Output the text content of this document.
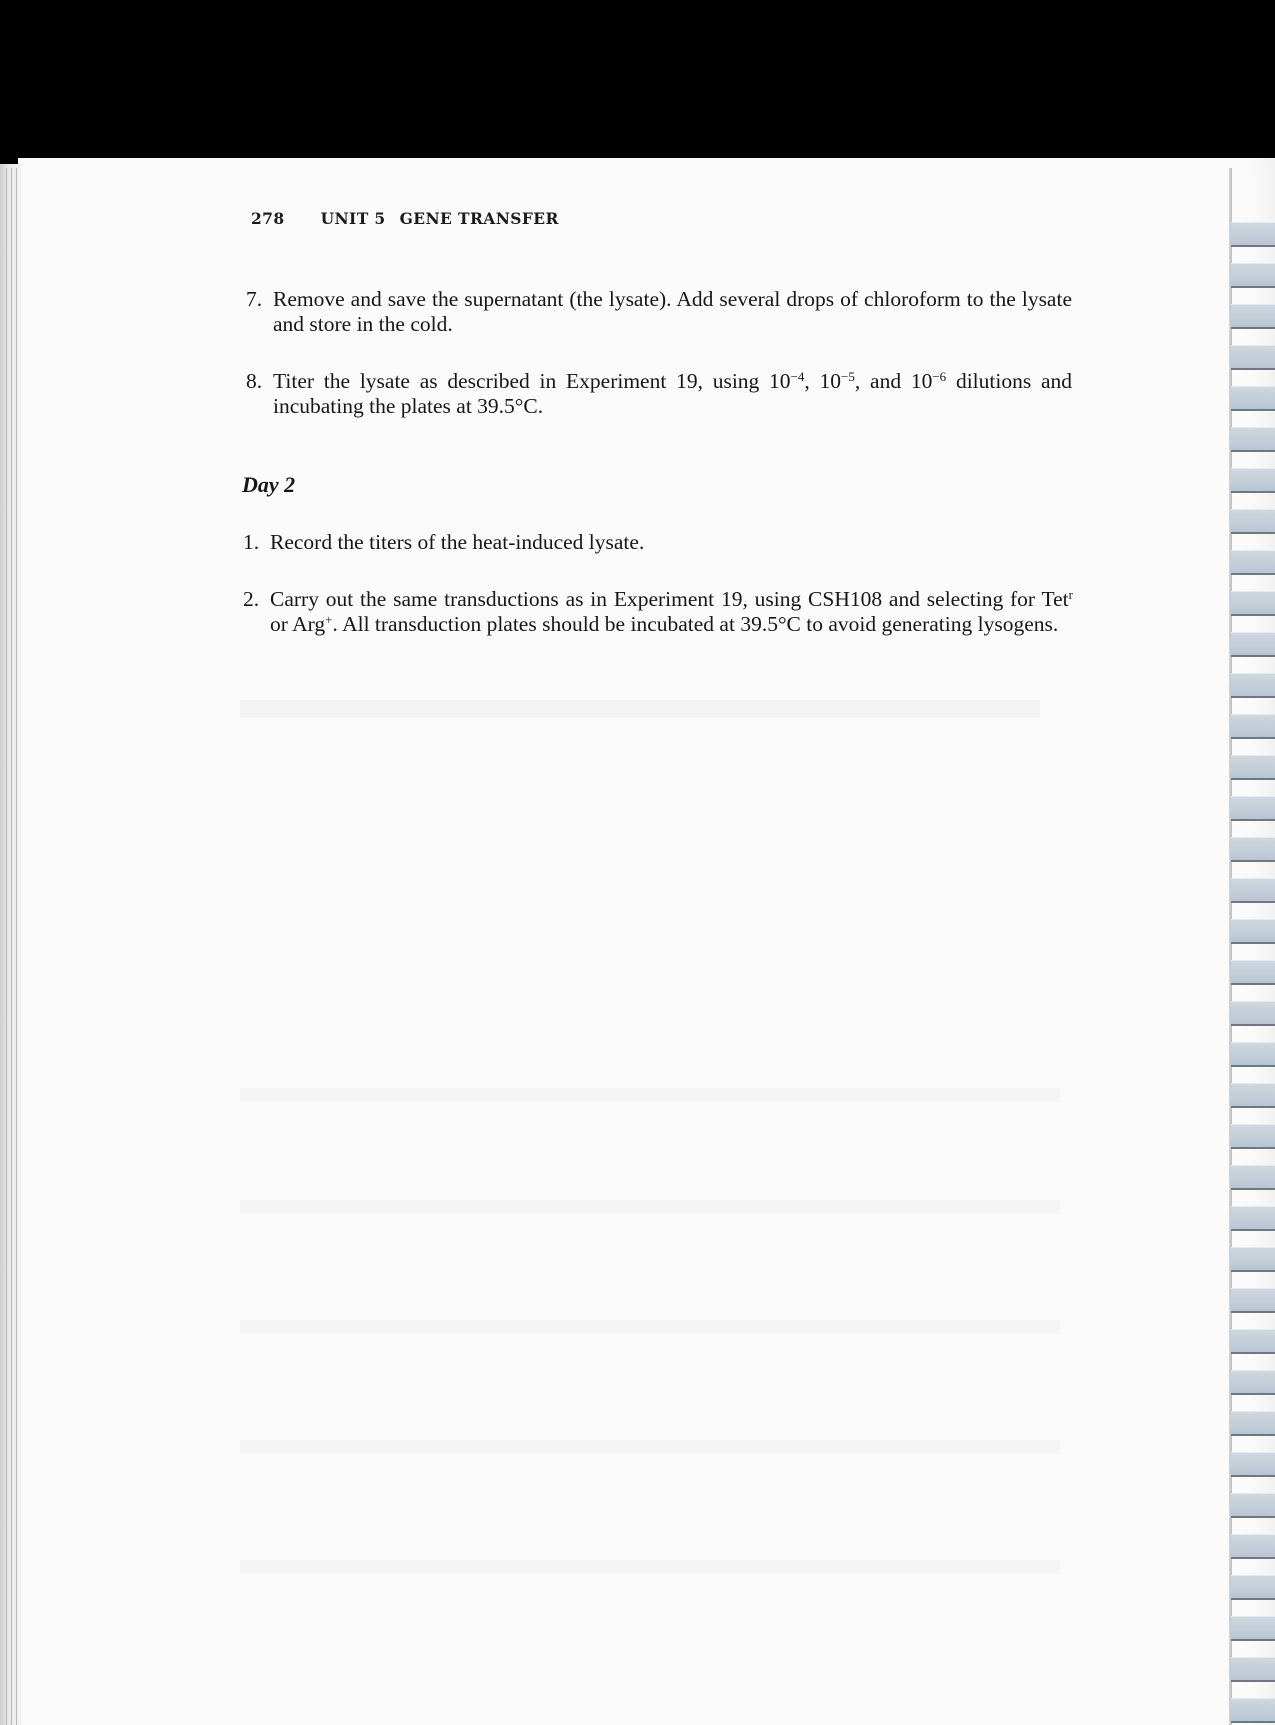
278 UNIT 5 GENE TRANSFER
7. Remove and save the supernatant (the lysate). Add several drops of chloroform to the lysate and store in the cold.
8. Titer the lysate as described in Experiment 19, using $10^{-4}$, $10^{-5}$, and $10^{-6}$ dilutions and incubating the plates at 39.5°C.
Day 2
1. Record the titers of the heat-induced lysate.
2. Carry out the same transductions as in Experiment 19, using CSH108 and selecting for Tet$^r$ or Arg+. All transduction plates should be incubated at 39.5°C to avoid generating lysogens.
